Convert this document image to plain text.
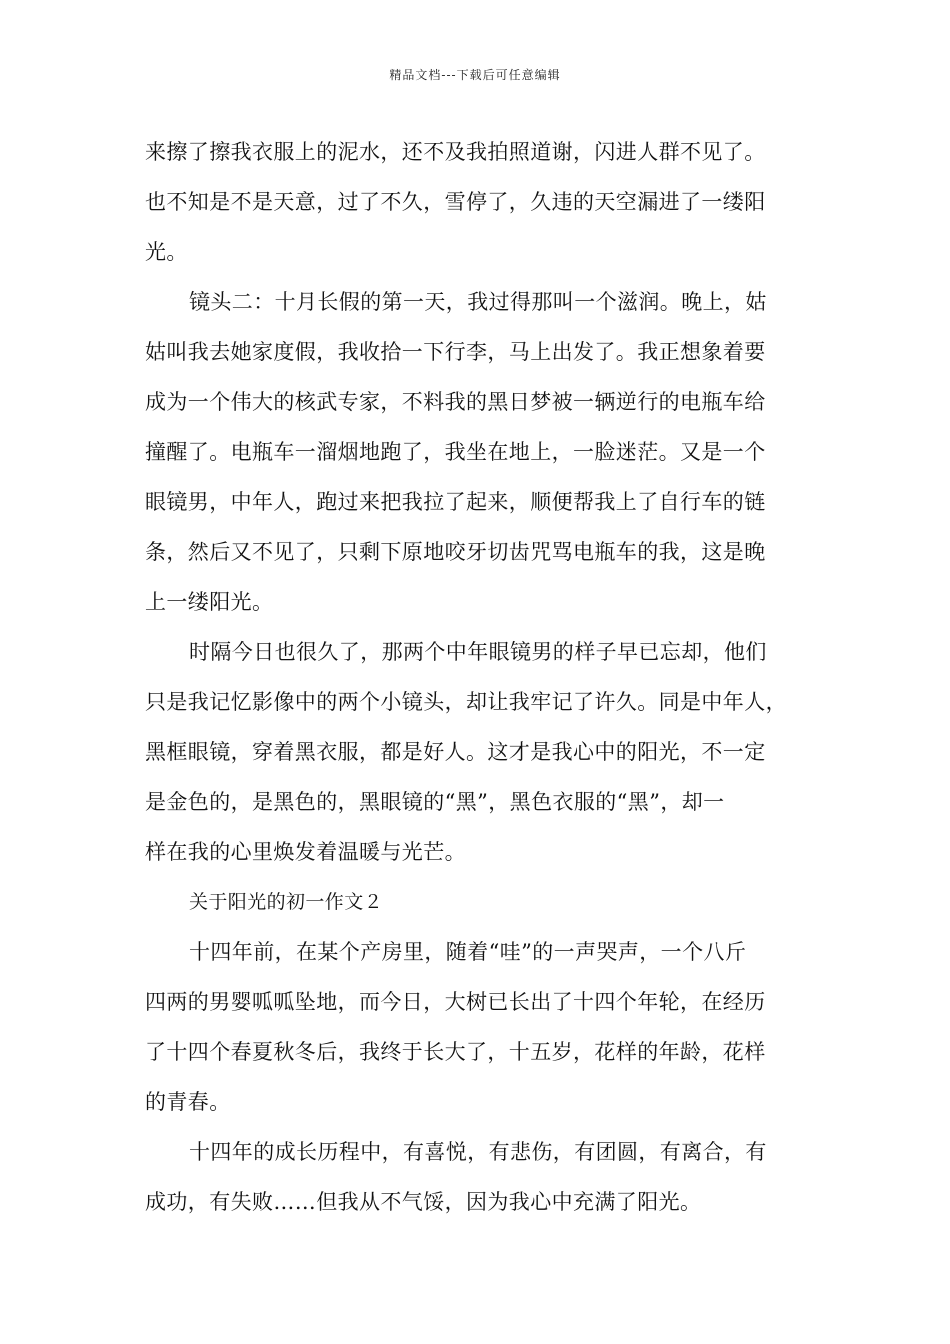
精品文档---下载后可任意编辑
来擦了擦我衣服上的泥水，还不及我拍照道谢，闪进人群不见了。
也不知是不是天意，过了不久，雪停了，久违的天空漏进了一缕阳
光。
镜头二：十月长假的第一天，我过得那叫一个滋润。晚上，姑
姑叫我去她家度假，我收拾一下行李，马上出发了。我正想象着要
成为一个伟大的核武专家，不料我的黑日梦被一辆逆行的电瓶车给
撞醒了。电瓶车一溜烟地跑了，我坐在地上，一脸迷茫。又是一个
眼镜男，中年人，跑过来把我拉了起来，顺便帮我上了自行车的链
条，然后又不见了，只剩下原地咬牙切齿咒骂电瓶车的我，这是晚
上一缕阳光。
时隔今日也很久了，那两个中年眼镜男的样子早已忘却，他们
只是我记忆影像中的两个小镜头，却让我牢记了许久。同是中年人，
黑框眼镜，穿着黑衣服，都是好人。这才是我心中的阳光，不一定
是金色的，是黑色的，黑眼镜的“黑”，黑色衣服的“黑”，却一
样在我的心里焕发着温暖与光芒。
关于阳光的初一作文２
十四年前，在某个产房里，随着“哇”的一声哭声，一个八斤
四两的男婴呱呱坠地，而今日，大树已长出了十四个年轮，在经历
了十四个春夏秋冬后，我终于长大了，十五岁，花样的年龄，花样
的青春。
十四年的成长历程中，有喜悦，有悲伤，有团圆，有离合，有
成功，有失败……但我从不气馁，因为我心中充满了阳光。
